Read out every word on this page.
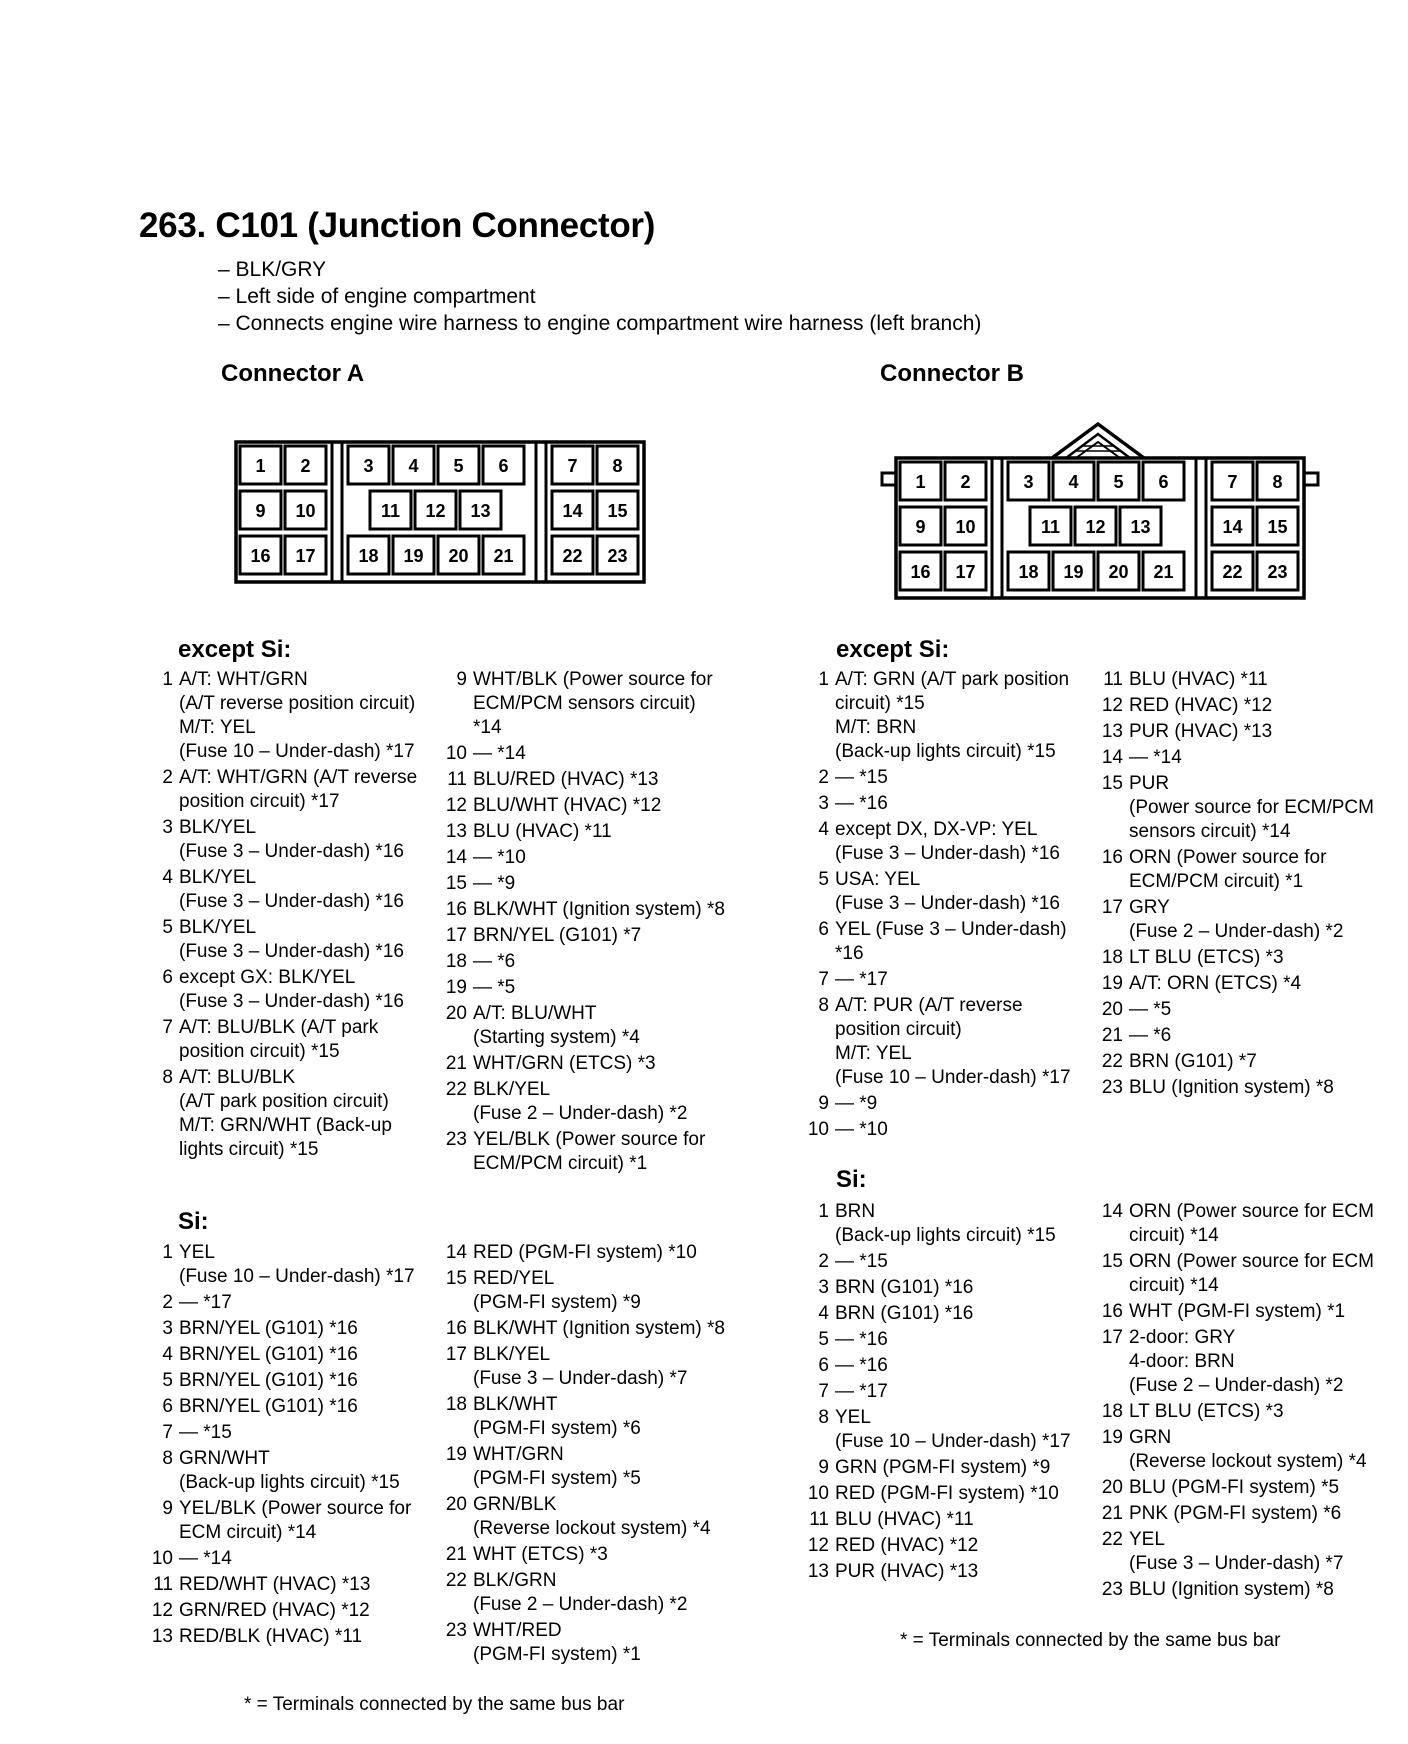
263. C101 (Junction Connector)
– BLK/GRY
– Left side of engine compartment
– Connects engine wire harness to engine compartment wire harness (left branch)
Connector A	Connector B
1 2	3 4 5 6	7 8
9 10	11 12 13	14 15
16 17 18 19 20 21	22 23
1 2	3 4 5 6	7 8
9 10	11 12 13	14 15
16 17 18 19 20 21	22 23
except Si:
1 A/T: WHT/GRN
(A/T reverse position circuit)
M/T: YEL
(Fuse 10 – Under-dash) *17
2 A/T: WHT/GRN (A/T reverse
position circuit) *17
3 BLK/YEL
(Fuse 3 – Under-dash) *16
4 BLK/YEL
(Fuse 3 – Under-dash) *16
5 BLK/YEL
(Fuse 3 – Under-dash) *16
6 except GX: BLK/YEL
(Fuse 3 – Under-dash) *16
7 A/T: BLU/BLK (A/T park
position circuit) *15
8 A/T: BLU/BLK
(A/T park position circuit)
M/T: GRN/WHT (Back-up
lights circuit) *15
9 WHT/BLK (Power source for
ECM/PCM sensors circuit)
*14
10 — *14
11 BLU/RED (HVAC) *13
12 BLU/WHT (HVAC) *12
13 BLU (HVAC) *11
14 — *10
15 — *9
16 BLK/WHT (Ignition system) *8
17 BRN/YEL (G101) *7
18 — *6
19 — *5
20 A/T: BLU/WHT
(Starting system) *4
21 WHT/GRN (ETCS) *3
22 BLK/YEL
(Fuse 2 – Under-dash) *2
23 YEL/BLK (Power source for
ECM/PCM circuit) *1
Si:
1 YEL
(Fuse 10 – Under-dash) *17
2 — *17
3 BRN/YEL (G101) *16
4 BRN/YEL (G101) *16
5 BRN/YEL (G101) *16
6 BRN/YEL (G101) *16
7 — *15
8 GRN/WHT
(Back-up lights circuit) *15
9 YEL/BLK (Power source for
ECM circuit) *14
10 — *14
11 RED/WHT (HVAC) *13
12 GRN/RED (HVAC) *12
13 RED/BLK (HVAC) *11
14 RED (PGM-FI system) *10
15 RED/YEL
(PGM-FI system) *9
16 BLK/WHT (Ignition system) *8
17 BLK/YEL
(Fuse 3 – Under-dash) *7
18 BLK/WHT
(PGM-FI system) *6
19 WHT/GRN
(PGM-FI system) *5
20 GRN/BLK
(Reverse lockout system) *4
21 WHT (ETCS) *3
22 BLK/GRN
(Fuse 2 – Under-dash) *2
23 WHT/RED
(PGM-FI system) *1
except Si:
1 A/T: GRN (A/T park position
circuit) *15
M/T: BRN
(Back-up lights circuit) *15
2 — *15
3 — *16
4 except DX, DX-VP: YEL
(Fuse 3 – Under-dash) *16
5 USA: YEL
(Fuse 3 – Under-dash) *16
6 YEL (Fuse 3 – Under-dash)
*16
7 — *17
8 A/T: PUR (A/T reverse
position circuit)
M/T: YEL
(Fuse 10 – Under-dash) *17
9 — *9
10 — *10
11 BLU (HVAC) *11
12 RED (HVAC) *12
13 PUR (HVAC) *13
14 — *14
15 PUR
(Power source for ECM/PCM
sensors circuit) *14
16 ORN (Power source for
ECM/PCM circuit) *1
17 GRY
(Fuse 2 – Under-dash) *2
18 LT BLU (ETCS) *3
19 A/T: ORN (ETCS) *4
20 — *5
21 — *6
22 BRN (G101) *7
23 BLU (Ignition system) *8
Si:
1 BRN
(Back-up lights circuit) *15
2 — *15
3 BRN (G101) *16
4 BRN (G101) *16
5 — *16
6 — *16
7 — *17
8 YEL
(Fuse 10 – Under-dash) *17
9 GRN (PGM-FI system) *9
10 RED (PGM-FI system) *10
11 BLU (HVAC) *11
12 RED (HVAC) *12
13 PUR (HVAC) *13
14 ORN (Power source for ECM
circuit) *14
15 ORN (Power source for ECM
circuit) *14
16 WHT (PGM-FI system) *1
17 2-door: GRY
4-door: BRN
(Fuse 2 – Under-dash) *2
18 LT BLU (ETCS) *3
19 GRN
(Reverse lockout system) *4
20 BLU (PGM-FI system) *5
21 PNK (PGM-FI system) *6
22 YEL
(Fuse 3 – Under-dash) *7
23 BLU (Ignition system) *8
* = Terminals connected by the same bus bar
* = Terminals connected by the same bus bar
